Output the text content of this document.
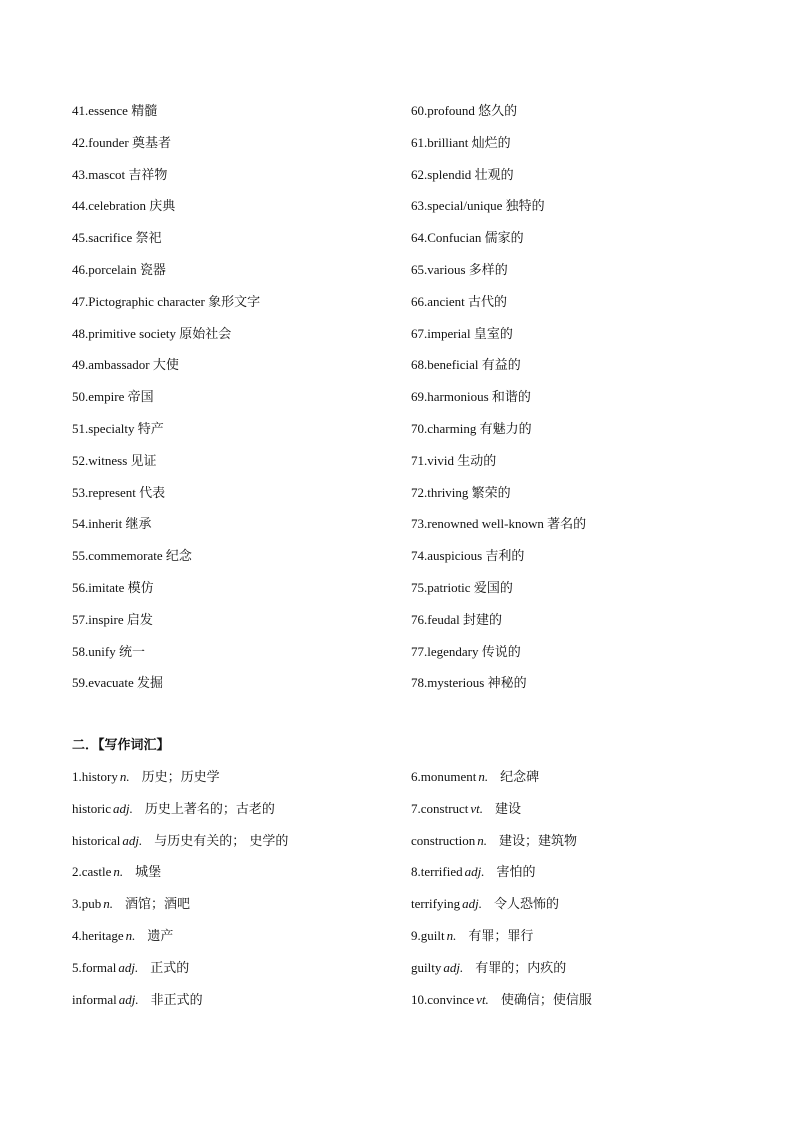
41.essence 精髓
42.founder 奠基者
43.mascot 吉祥物
44.celebration 庆典
45.sacrifice 祭祀
46.porcelain 瓷器
47.Pictographic character 象形文字
48.primitive society 原始社会
49.ambassador 大使
50.empire 帝国
51.specialty 特产
52.witness 见证
53.represent 代表
54.inherit 继承
55.commemorate 纪念
56.imitate 模仿
57.inspire 启发
58.unify 统一
59.evacuate 发掘
60.profound 悠久的
61.brilliant 灿烂的
62.splendid 壮观的
63.special/unique 独特的
64.Confucian 儒家的
65.various 多样的
66.ancient 古代的
67.imperial 皇室的
68.beneficial 有益的
69.harmonious 和谐的
70.charming 有魅力的
71.vivid 生动的
72.thriving 繁荣的
73.renowned well-known 著名的
74.auspicious 吉利的
75.patriotic 爱国的
76.feudal 封建的
77.legendary 传说的
78.mysterious 神秘的
二．【写作词汇】
1.history n. 历史；历史学
historic adj. 历史上著名的；古老的
historical adj. 与历史有关的； 史学的
2.castle n. 城堡
3.pub n. 酒馆；酒吧
4.heritage n. 遗产
5.formal adj. 正式的
informal adj. 非正式的
6.monument n. 纪念碑
7.construct vt. 建设
construction n. 建设；建筑物
8.terrified adj. 害怕的
terrifying adj. 令人恐怖的
9.guilt n. 有罪；罪行
guilty adj. 有罪的；内疚的
10.convince vt. 使确信；使信服
